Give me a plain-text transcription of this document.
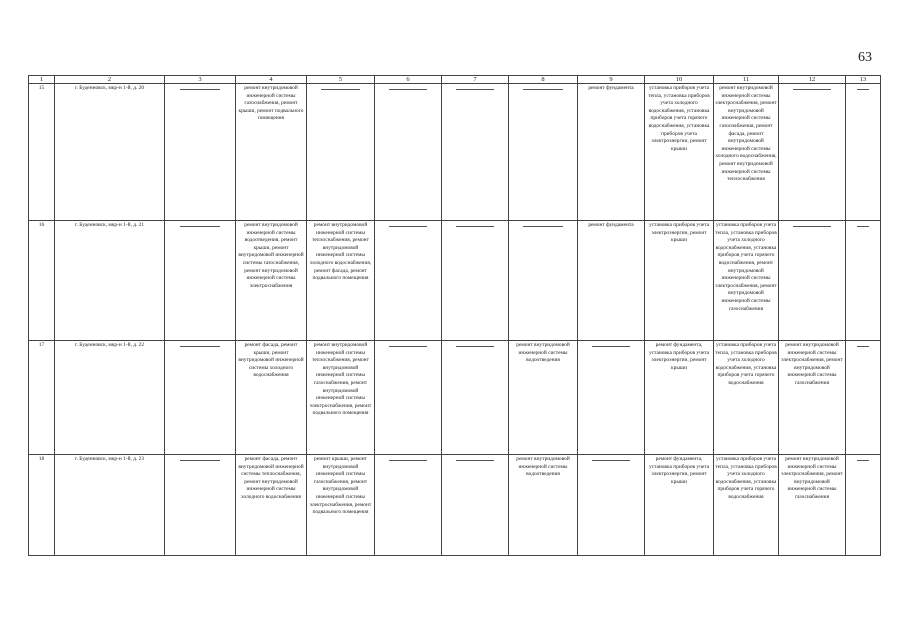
63
1	2	3	4	5	6	7	8	9	10	11	12	13
15	г. Буденновск, мкр-н 1-й, д. 20		ремонт внутридомовой инженерной системы газоснабжения, ремонт крыши, ремонт подвального помещения					ремонт фундамента	установка приборов учета тепла, установка приборов учета холодного водоснабжения, установка приборов учета горячего водоснабжения, установка приборов учета электроэнергии, ремонт крыши	ремонт внутридомовой инженерной системы электроснабжения, ремонт внутридомовой инженерной системы газоснабжения, ремонт фасада, ремонт внутридомовой инженерной системы холодного водоснабжения, ремонт внутридомовой инженерной системы теплоснабжения		
16	г. Буденновск, мкр-н 1-й, д. 21		ремонт внутридомовой инженерной системы водоотведения, ремонт крыши, ремонт внутридомовой инженерной системы газоснабжения, ремонт внутридомовой инженерной системы электроснабжения	ремонт внутридомовой инженерной системы теплоснабжения, ремонт внутридомовой инженерной системы холодного водоснабжения, ремонт фасада, ремонт подвального помещения				ремонт фундамента	установка приборов учета электроэнергии, ремонт крыши	установка приборов учета тепла, установка приборов учета холодного водоснабжения, установка приборов учета горячего водоснабжения, ремонт внутридомовой инженерной системы электроснабжения, ремонт внутридомовой инженерной системы газоснабжения		
17	г. Буденновск, мкр-н 1-й, д. 22		ремонт фасада, ремонт крыши, ремонт внутридомовой инженерной системы холодного водоснабжения	ремонт внутридомовой инженерной системы теплоснабжения, ремонт внутридомовой инженерной системы газоснабжения, ремонт внутридомовой инженерной системы электроснабжения, ремонт подвального помещения			ремонт внутридомовой инженерной системы водоотведения		ремонт фундамента, установка приборов учета электроэнергии, ремонт крыши	установка приборов учета тепла, установка приборов учета холодного водоснабжения, установка приборов учета горячего водоснабжения	ремонт внутридомовой инженерной системы электроснабжения, ремонт внутридомовой инженерной системы газоснабжения	
18	г. Буденновск, мкр-н 1-й, д. 23		ремонт фасада, ремонт внутридомовой инженерной системы теплоснабжения, ремонт внутридомовой инженерной системы холодного водоснабжения	ремонт крыши, ремонт внутридомовой инженерной системы газоснабжения, ремонт внутридомовой инженерной системы электроснабжения, ремонт подвального помещения			ремонт внутридомовой инженерной системы водоотведения		ремонт фундамента, установка приборов учета электроэнергии, ремонт крыши	установка приборов учета тепла, установка приборов учета холодного водоснабжения, установка приборов учета горячего водоснабжения	ремонт внутридомовой инженерной системы электроснабжения, ремонт внутридомовой инженерной системы газоснабжения	
